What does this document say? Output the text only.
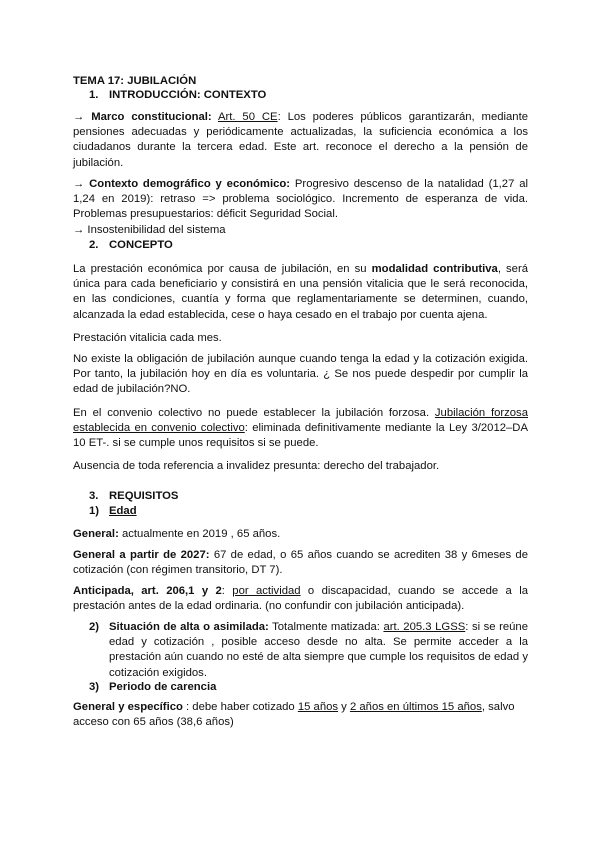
TEMA 17: JUBILACIÓN
1. INTRODUCCIÓN: CONTEXTO
→ Marco constitucional: Art. 50 CE: Los poderes públicos garantizarán, mediante pensiones adecuadas y periódicamente actualizadas, la suficiencia económica a los ciudadanos durante la tercera edad. Este art. reconoce el derecho a la pensión de jubilación.
→ Contexto demográfico y económico: Progresivo descenso de la natalidad (1,27 al 1,24 en 2019): retraso => problema sociológico. Incremento de esperanza de vida. Problemas presupuestarios: déficit Seguridad Social.
→ Insostenibilidad del sistema
2. CONCEPTO
La prestación económica por causa de jubilación, en su modalidad contributiva, será única para cada beneficiario y consistirá en una pensión vitalicia que le será reconocida, en las condiciones, cuantía y forma que reglamentariamente se determinen, cuando, alcanzada la edad establecida, cese o haya cesado en el trabajo por cuenta ajena.
Prestación vitalicia cada mes.
No existe la obligación de jubilación aunque cuando tenga la edad y la cotización exigida. Por tanto, la jubilación hoy en día es voluntaria. ¿ Se nos puede despedir por cumplir la edad de jubilación?NO.
En el convenio colectivo no puede establecer la jubilación forzosa. Jubilación forzosa establecida en convenio colectivo: eliminada definitivamente mediante la Ley 3/2012–DA 10 ET-. si se cumple unos requisitos si se puede.
Ausencia de toda referencia a invalidez presunta: derecho del trabajador.
3. REQUISITOS
1) Edad
General: actualmente en 2019 , 65 años.
General a partir de 2027: 67 de edad, o 65 años cuando se acrediten 38 y 6meses de cotización (con régimen transitorio, DT 7).
Anticipada, art. 206,1 y 2: por actividad o discapacidad, cuando se accede a la prestación antes de la edad ordinaria. (no confundir con jubilación anticipada).
2) Situación de alta o asimilada: Totalmente matizada: art. 205.3 LGSS: si se reúne edad y cotización , posible acceso desde no alta. Se permite acceder a la prestación aún cuando no esté de alta siempre que cumple los requisitos de edad y cotización exigidos.
3) Periodo de carencia
General y específico : debe haber cotizado 15 años y 2 años en últimos 15 años, salvo acceso con 65 años (38,6 años)
